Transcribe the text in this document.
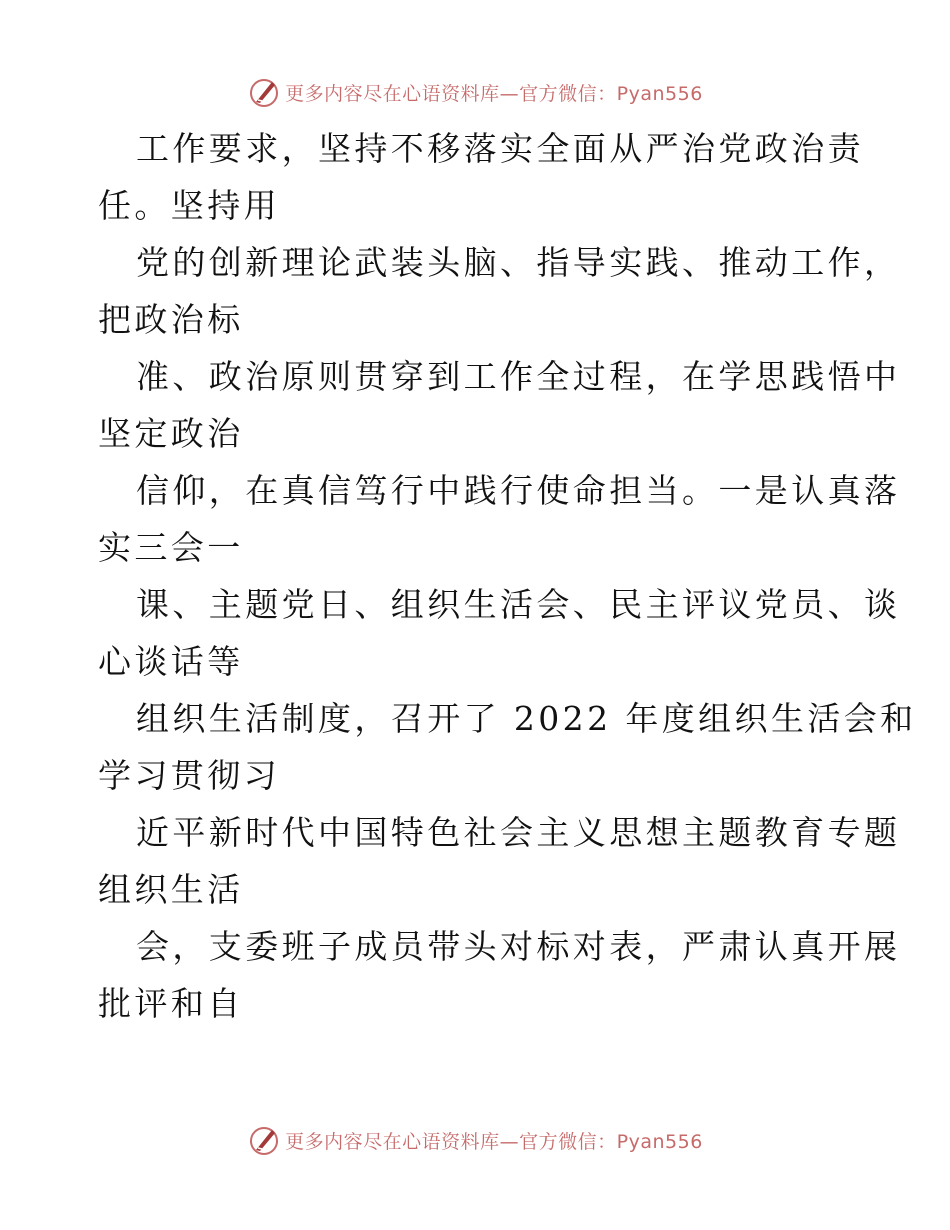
更多内容尽在心语资料库—官方微信：Pyan556
工作要求，坚持不移落实全面从严治党政治责
任。坚持用
党的创新理论武装头脑、指导实践、推动工作，
把政治标
准、政治原则贯穿到工作全过程，在学思践悟中
坚定政治
信仰，在真信笃行中践行使命担当。一是认真落
实三会一
课、主题党日、组织生活会、民主评议党员、谈
心谈话等
组织生活制度，召开了 2022 年度组织生活会和
学习贯彻习
近平新时代中国特色社会主义思想主题教育专题
组织生活
会，支委班子成员带头对标对表，严肃认真开展
批评和自
更多内容尽在心语资料库—官方微信：Pyan556
